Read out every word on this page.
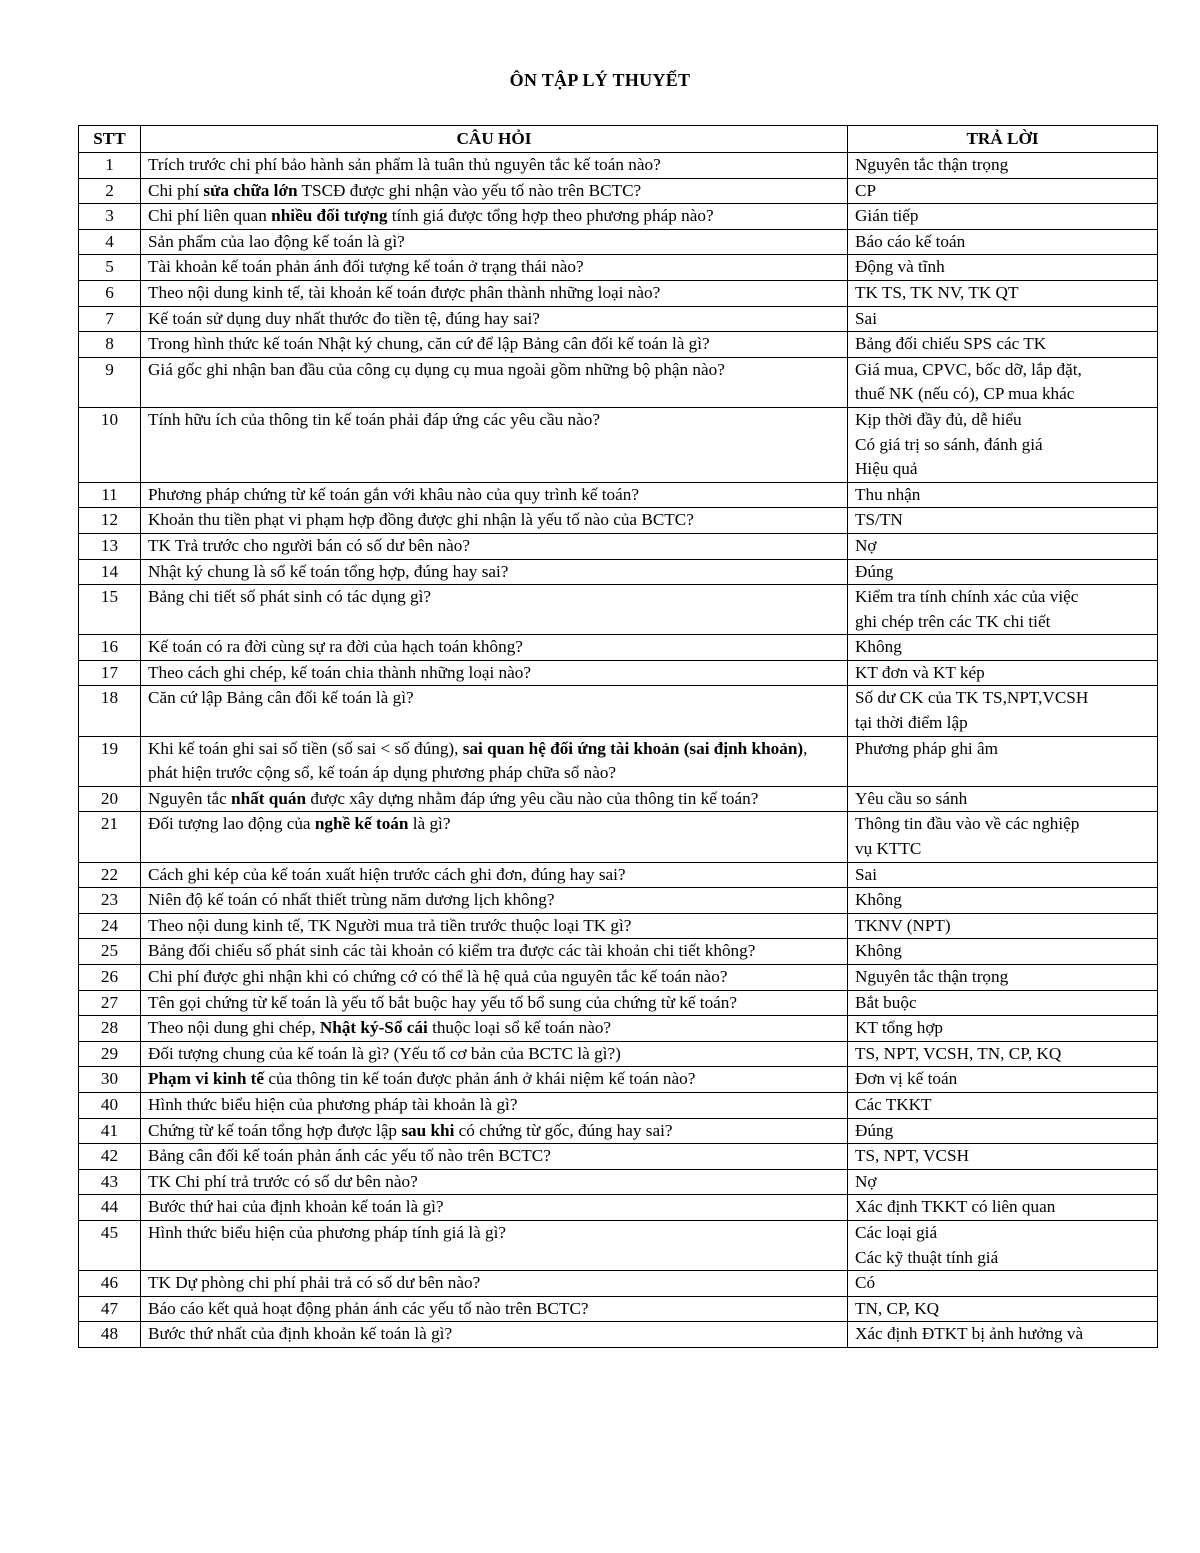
ÔN TẬP LÝ THUYẾT
STT	CÂU HỎI	TRẢ LỜI
1	Trích trước chi phí bảo hành sản phẩm là tuân thủ nguyên tắc kế toán nào?	Nguyên tắc thận trọng

2	Chi phí sửa chữa lớn TSCĐ được ghi nhận vào yếu tố nào trên BCTC?	CP

3	Chi phí liên quan nhiều đối tượng tính giá được tổng hợp theo phương pháp nào?	Gián tiếp

4	Sản phẩm của lao động kế toán là gì?	Báo cáo kế toán

5	Tài khoản kế toán phản ánh đối tượng kế toán ở trạng thái nào?	Động và tĩnh

6	Theo nội dung kinh tế, tài khoản kế toán được phân thành những loại nào?	TK TS, TK NV, TK QT

7	Kế toán sử dụng duy nhất thước đo tiền tệ, đúng hay sai?	Sai

8	Trong hình thức kế toán Nhật ký chung, căn cứ để lập Bảng cân đối kế toán là gì?	Bảng đối chiếu SPS các TK

9	Giá gốc ghi nhận ban đầu của công cụ dụng cụ mua ngoài gồm những bộ phận nào?	Giá mua, CPVC, bốc dỡ, lắp đặt,
thuế NK (nếu có), CP mua khác

10	Tính hữu ích của thông tin kế toán phải đáp ứng các yêu cầu nào?	Kịp thời đầy đủ, dễ hiểu
Có giá trị so sánh, đánh giá
Hiệu quả

11	Phương pháp chứng từ kế toán gắn với khâu nào của quy trình kế toán?	Thu nhận

12	Khoản thu tiền phạt vi phạm hợp đồng được ghi nhận là yếu tố nào của BCTC?	TS/TN

13	TK Trả trước cho người bán có số dư bên nào?	Nợ

14	Nhật ký chung là sổ kế toán tổng hợp, đúng hay sai?	Đúng

15	Bảng chi tiết số phát sinh có tác dụng gì?	Kiểm tra tính chính xác của việc
ghi chép trên các TK chi tiết

16	Kế toán có ra đời cùng sự ra đời của hạch toán không?	Không

17	Theo cách ghi chép, kế toán chia thành những loại nào?	KT đơn và KT kép

18	Căn cứ lập Bảng cân đối kế toán là gì?	Số dư CK của TK TS,NPT,VCSH
tại thời điểm lập

19	Khi kế toán ghi sai số tiền (số sai < số đúng), sai quan hệ đối ứng tài khoản (sai định khoản), phát hiện trước cộng sổ, kế toán áp dụng phương pháp chữa sổ nào?	Phương pháp ghi âm

20	Nguyên tắc nhất quán được xây dựng nhằm đáp ứng yêu cầu nào của thông tin kế toán?	Yêu cầu so sánh

21	Đối tượng lao động của nghề kế toán là gì?	Thông tin đầu vào về các nghiệp
vụ KTTC

22	Cách ghi kép của kế toán xuất hiện trước cách ghi đơn, đúng hay sai?	Sai

23	Niên độ kế toán có nhất thiết trùng năm dương lịch không?	Không

24	Theo nội dung kinh tế, TK Người mua trả tiền trước thuộc loại TK gì?	TKNV (NPT)

25	Bảng đối chiếu số phát sinh các tài khoản có kiểm tra được các tài khoản chi tiết không?	Không

26	Chi phí được ghi nhận khi có chứng cớ có thể là hệ quả của nguyên tắc kế toán nào?	Nguyên tắc thận trọng

27	Tên gọi chứng từ kế toán là yếu tố bắt buộc hay yếu tố bổ sung của chứng từ kế toán?	Bắt buộc

28	Theo nội dung ghi chép, Nhật ký-Sổ cái thuộc loại sổ kế toán nào?	KT tổng hợp

29	Đối tượng chung của kế toán là gì? (Yếu tố cơ bản của BCTC là gì?)	TS, NPT, VCSH, TN, CP, KQ

30	Phạm vi kinh tế của thông tin kế toán được phản ánh ở khái niệm kế toán nào?	Đơn vị kế toán

40	Hình thức biểu hiện của phương pháp tài khoản là gì?	Các TKKT

41	Chứng từ kế toán tổng hợp được lập sau khi có chứng từ gốc, đúng hay sai?	Đúng

42	Bảng cân đối kế toán phản ánh các yếu tố nào trên BCTC?	TS, NPT, VCSH

43	TK Chi phí trả trước có số dư bên nào?	Nợ

44	Bước thứ hai của định khoản kế toán là gì?	Xác định TKKT có liên quan

45	Hình thức biểu hiện của phương pháp tính giá là gì?	Các loại giá
Các kỹ thuật tính giá

46	TK Dự phòng chi phí phải trả có số dư bên nào?	Có

47	Báo cáo kết quả hoạt động phản ánh các yếu tố nào trên BCTC?	TN, CP, KQ

48	Bước thứ nhất của định khoản kế toán là gì?	Xác định ĐTKT bị ảnh hưởng và
